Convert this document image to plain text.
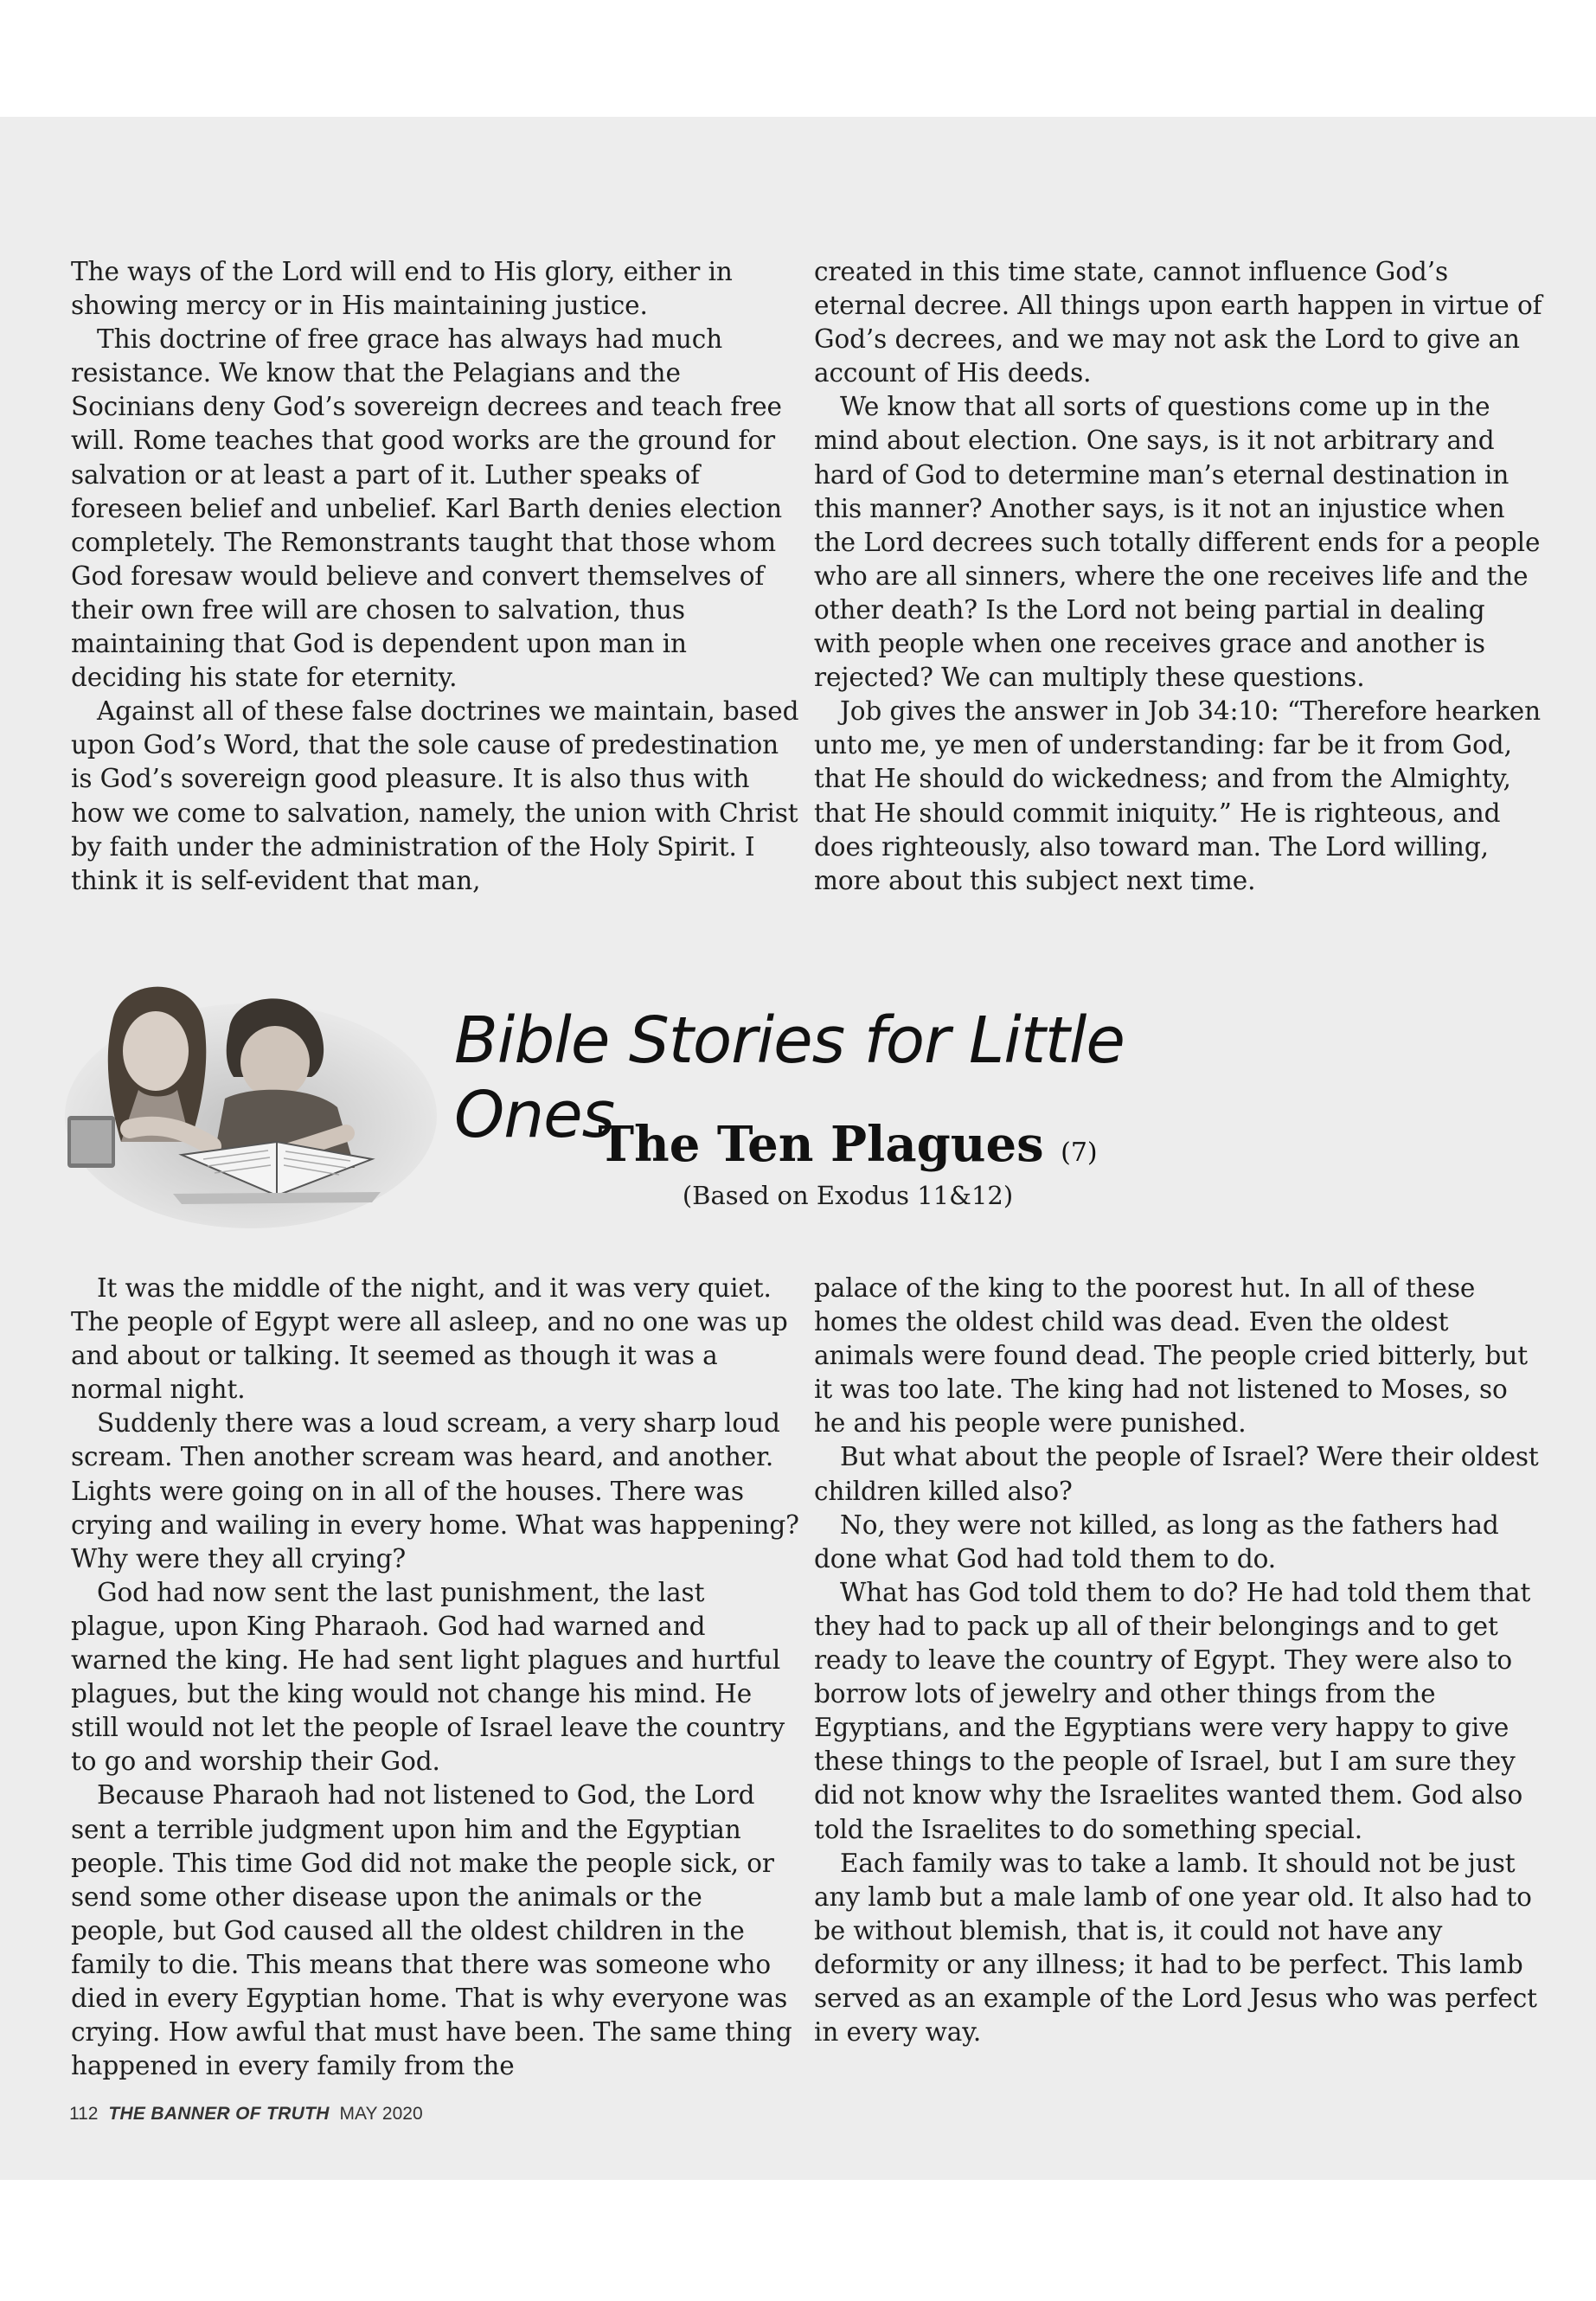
The ways of the Lord will end to His glory, either in showing mercy or in His maintaining justice.

This doctrine of free grace has always had much resistance. We know that the Pelagians and the Socinians deny God’s sovereign decrees and teach free will. Rome teaches that good works are the ground for salvation or at least a part of it. Luther speaks of foreseen belief and unbelief. Karl Barth denies election completely. The Remonstrants taught that those whom God foresaw would believe and convert themselves of their own free will are chosen to salvation, thus maintaining that God is dependent upon man in deciding his state for eternity.

Against all of these false doctrines we maintain, based upon God’s Word, that the sole cause of predestination is God’s sovereign good pleasure. It is also thus with how we come to salvation, namely, the union with Christ by faith under the administration of the Holy Spirit. I think it is self-evident that man,

created in this time state, cannot influence God’s eternal decree. All things upon earth happen in virtue of God’s decrees, and we may not ask the Lord to give an account of His deeds.

We know that all sorts of questions come up in the mind about election. One says, is it not arbitrary and hard of God to determine man’s eternal destination in this manner? Another says, is it not an injustice when the Lord decrees such totally different ends for a people who are all sinners, where the one receives life and the other death? Is the Lord not being partial in dealing with people when one receives grace and another is rejected? We can multiply these questions.

Job gives the answer in Job 34:10: “Therefore hearken unto me, ye men of understanding: far be it from God, that He should do wickedness; and from the Almighty, that He should commit iniquity.” He is righteous, and does righteously, also toward man. The Lord willing, more about this subject next time.

Bible Stories for Little Ones
The Ten Plagues (7)
(Based on Exodus 11&12)

It was the middle of the night, and it was very quiet. The people of Egypt were all asleep, and no one was up and about or talking. It seemed as though it was a normal night.

Suddenly there was a loud scream, a very sharp loud scream. Then another scream was heard, and another. Lights were going on in all of the houses. There was crying and wailing in every home. What was happening? Why were they all crying?

God had now sent the last punishment, the last plague, upon King Pharaoh. God had warned and warned the king. He had sent light plagues and hurtful plagues, but the king would not change his mind. He still would not let the people of Israel leave the country to go and worship their God.

Because Pharaoh had not listened to God, the Lord sent a terrible judgment upon him and the Egyptian people. This time God did not make the people sick, or send some other disease upon the animals or the people, but God caused all the oldest children in the family to die. This means that there was someone who died in every Egyptian home. That is why everyone was crying. How awful that must have been. The same thing happened in every family from the

palace of the king to the poorest hut. In all of these homes the oldest child was dead. Even the oldest animals were found dead. The people cried bitterly, but it was too late. The king had not listened to Moses, so he and his people were punished.

But what about the people of Israel? Were their oldest children killed also?

No, they were not killed, as long as the fathers had done what God had told them to do.

What has God told them to do? He had told them that they had to pack up all of their belongings and to get ready to leave the country of Egypt. They were also to borrow lots of jewelry and other things from the Egyptians, and the Egyptians were very happy to give these things to the people of Israel, but I am sure they did not know why the Israelites wanted them. God also told the Israelites to do something special.

Each family was to take a lamb. It should not be just any lamb but a male lamb of one year old. It also had to be without blemish, that is, it could not have any deformity or any illness; it had to be perfect. This lamb served as an example of the Lord Jesus who was perfect in every way.

112 THE BANNER OF TRUTH MAY 2020
